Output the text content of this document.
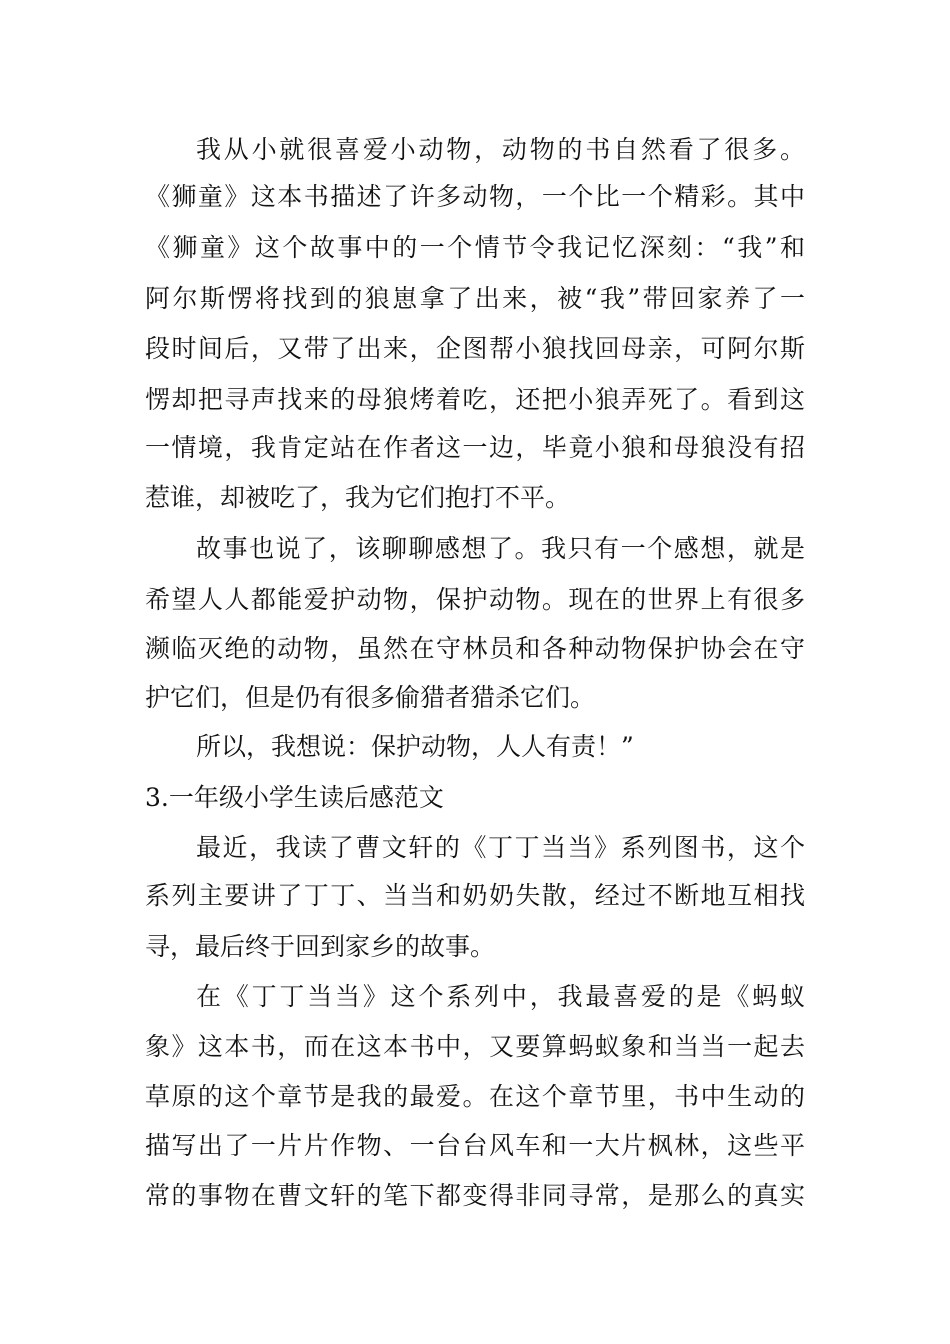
我从小就很喜爱小动物，动物的书自然看了很多。
《狮童》这本书描述了许多动物，一个比一个精彩。其中
《狮童》这个故事中的一个情节令我记忆深刻：“我”和
阿尔斯愣将找到的狼崽拿了出来，被“我”带回家养了一
段时间后，又带了出来，企图帮小狼找回母亲，可阿尔斯
愣却把寻声找来的母狼烤着吃，还把小狼弄死了。看到这
一情境，我肯定站在作者这一边，毕竟小狼和母狼没有招
惹谁，却被吃了，我为它们抱打不平。
故事也说了，该聊聊感想了。我只有一个感想，就是
希望人人都能爱护动物，保护动物。现在的世界上有很多
濒临灭绝的动物，虽然在守林员和各种动物保护协会在守
护它们，但是仍有很多偷猎者猎杀它们。
所以，我想说：保护动物，人人有责！”
3.一年级小学生读后感范文
最近，我读了曹文轩的《丁丁当当》系列图书，这个
系列主要讲了丁丁、当当和奶奶失散，经过不断地互相找
寻，最后终于回到家乡的故事。
在《丁丁当当》这个系列中，我最喜爱的是《蚂蚁
象》这本书，而在这本书中，又要算蚂蚁象和当当一起去
草原的这个章节是我的最爱。在这个章节里，书中生动的
描写出了一片片作物、一台台风车和一大片枫林，这些平
常的事物在曹文轩的笔下都变得非同寻常，是那么的真实
